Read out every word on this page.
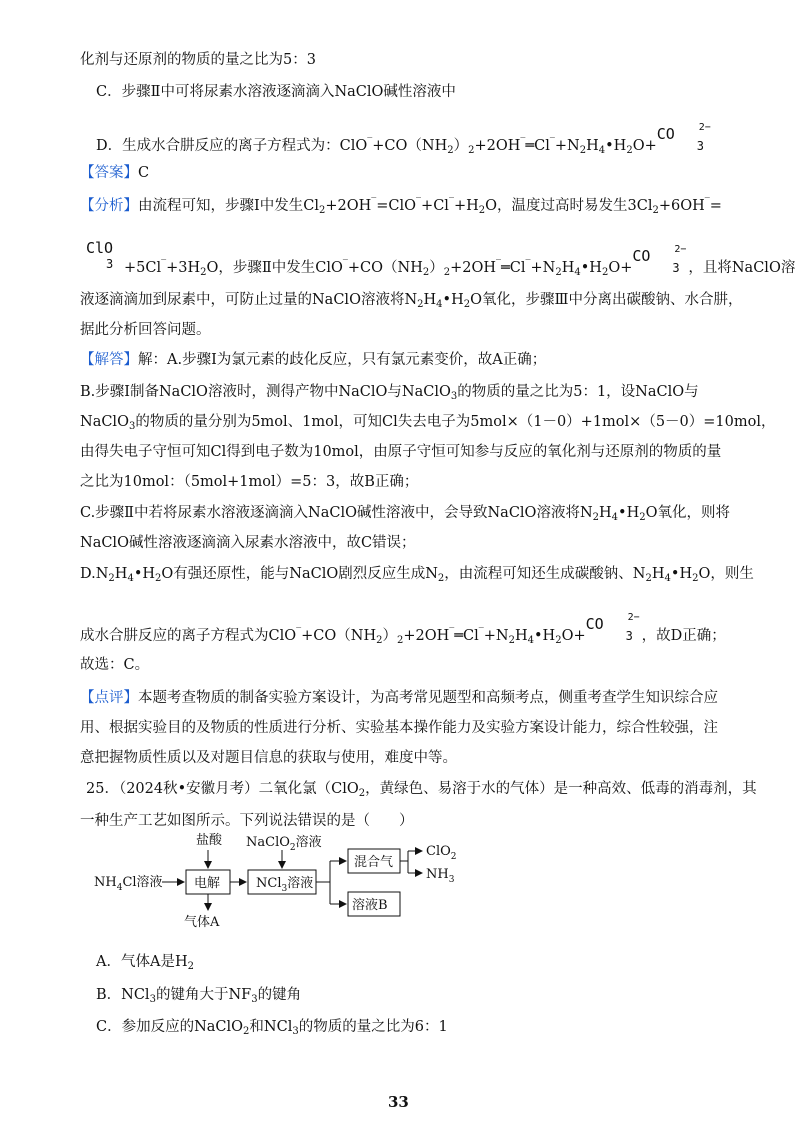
化剂与还原剂的物质的量之比为5：3
C．步骤Ⅱ中可将尿素水溶液逐滴滴入NaClO碱性溶液中
D．生成水合肼反应的离子方程式为：$ClO^‾+CO(NH_2)_2+2OH^‾═Cl^‾+N_2H_4•H_2O+$
CO 2−
3
【答案】C
【分析】由流程可知，步骤Ⅰ中发生$Cl_2+2OH^‾=ClO^‾+Cl^‾+H_2O$，温度过高时易发生$3Cl_2+6OH^‾=$
ClO
$3 +5Cl^‾+3H_2O$，步骤Ⅱ中发生$ClO^‾+CO(NH_2)_2+2OH^‾═Cl^‾+N_2H_4•H_2O+$
CO 2−
3 ，且将NaClO溶
液逐滴滴加到尿素中，可防止过量的NaClO溶液将$N_2H_4•H_2O$氧化，步骤Ⅲ中分离出碳酸钠、水合肼，
据此分析回答问题。
【解答】解：A.步骤Ⅰ为氯元素的歧化反应，只有氯元素变价，故A正确；
B.步骤Ⅰ制备NaClO溶液时，测得产物中NaClO与NaClO$_3$的物质的量之比为5：1，设NaClO与
NaClO$_3$的物质的量分别为5mol、1mol，可知Cl失去电子为5mol×（1－0）+1mol×（5－0）=10mol，
由得失电子守恒可知Cl得到电子数为10mol，由原子守恒可知参与反应的氧化剂与还原剂的物质的量
之比为10mol：（5mol+1mol）=5：3，故B正确；
C.步骤Ⅱ中若将尿素水溶液逐滴滴入NaClO碱性溶液中，会导致NaClO溶液将$N_2H_4•H_2O$氧化，则将
NaClO碱性溶液逐滴滴入尿素水溶液中，故C错误；
$D.N_2H_4•H_2O$有强还原性，能与NaClO剧烈反应生成$N_2$，由流程可知还生成碳酸钠、$N_2H_4•H_2O$，则生
成水合肼反应的离子方程式为$ClO^‾+CO(NH_2)_2+2OH^‾═Cl^‾+N_2H_4•H_2O+$
CO 2−
3 ，故D正确；
故选：C。
【点评】本题考查物质的制备实验方案设计，为高考常见题型和高频考点，侧重考查学生知识综合应
用、根据实验目的及物质的性质进行分析、实验基本操作能力及实验方案设计能力，综合性较强，注
意把握物质性质以及对题目信息的获取与使用，难度中等。
25．（2024秋•安徽月考）二氧化氯（ClO$_2$，黄绿色、易溶于水的气体）是一种高效、低毒的消毒剂，其
一种生产工艺如图所示。下列说法错误的是（　　）
盐酸
$NH_4Cl$溶液 电解
气体A
NaClO$_2$溶液
NCl$_3$溶液
混合气
ClO$_2$
$NH_3$
溶液B
A．气体A是$H_2$
B．NCl$_3$的键角大于$NF_3$的键角
C．参加反应的NaClO$_2$和NCl$_3$的物质的量之比为6：1
33
